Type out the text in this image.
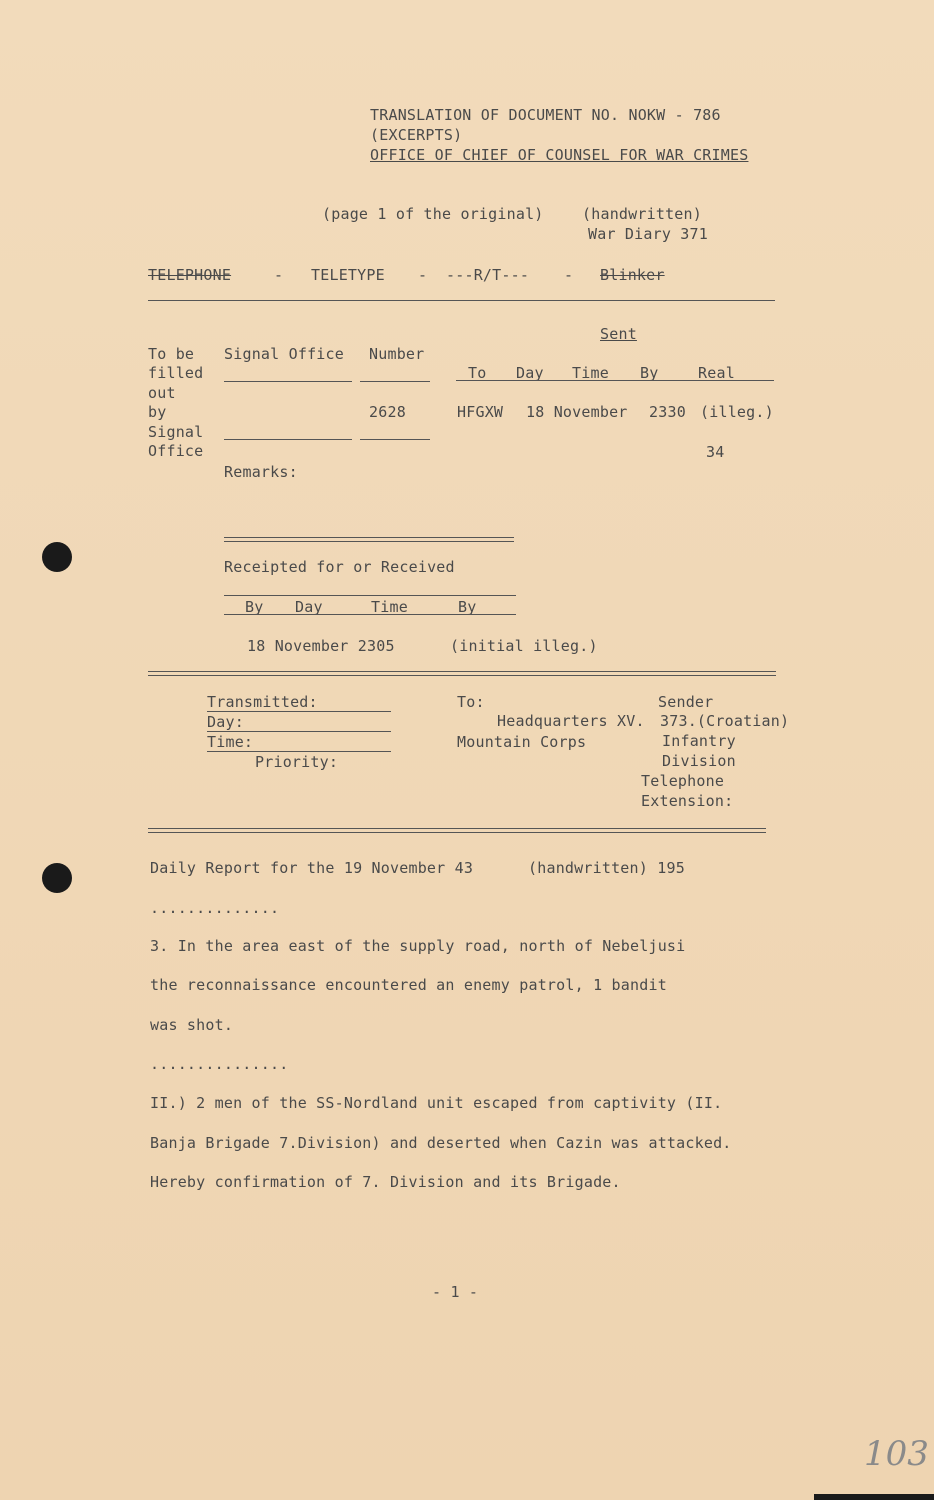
TRANSLATION OF DOCUMENT NO. NOKW - 786
(EXCERPTS)
OFFICE OF CHIEF OF COUNSEL FOR WAR CRIMES
(page 1 of the original)	(handwritten)
War Diary 371
TELEPHONE	- TELETYPE - ---R/T--- - Blinker
Sent
To be
filled
out
by
Signal
Office
Signal Office Number
To Day Time By	Real
2628	HFGXW 18 November 2330 (illeg.)
34
Remarks:
Receipted for or Received
By Day	Time	By
18 November 2305	(initial illeg.)
Transmitted:
Day:
Time:
Priority:
To:
Headquarters XV.
Mountain Corps
Sender
373.(Croatian)
Infantry
Division
Telephone
Extension:
Daily Report for the 19 November 43	(handwritten) 195
..............
3. In the area east of the supply road, north of Nebeljusi
the reconnaissance encountered an enemy patrol, 1 bandit
was shot.
...............
II.) 2 men of the SS-Nordland unit escaped from captivity (II.
Banja Brigade 7.Division) and deserted when Cazin was attacked.
Hereby confirmation of 7. Division and its Brigade.
- 1 -
103
